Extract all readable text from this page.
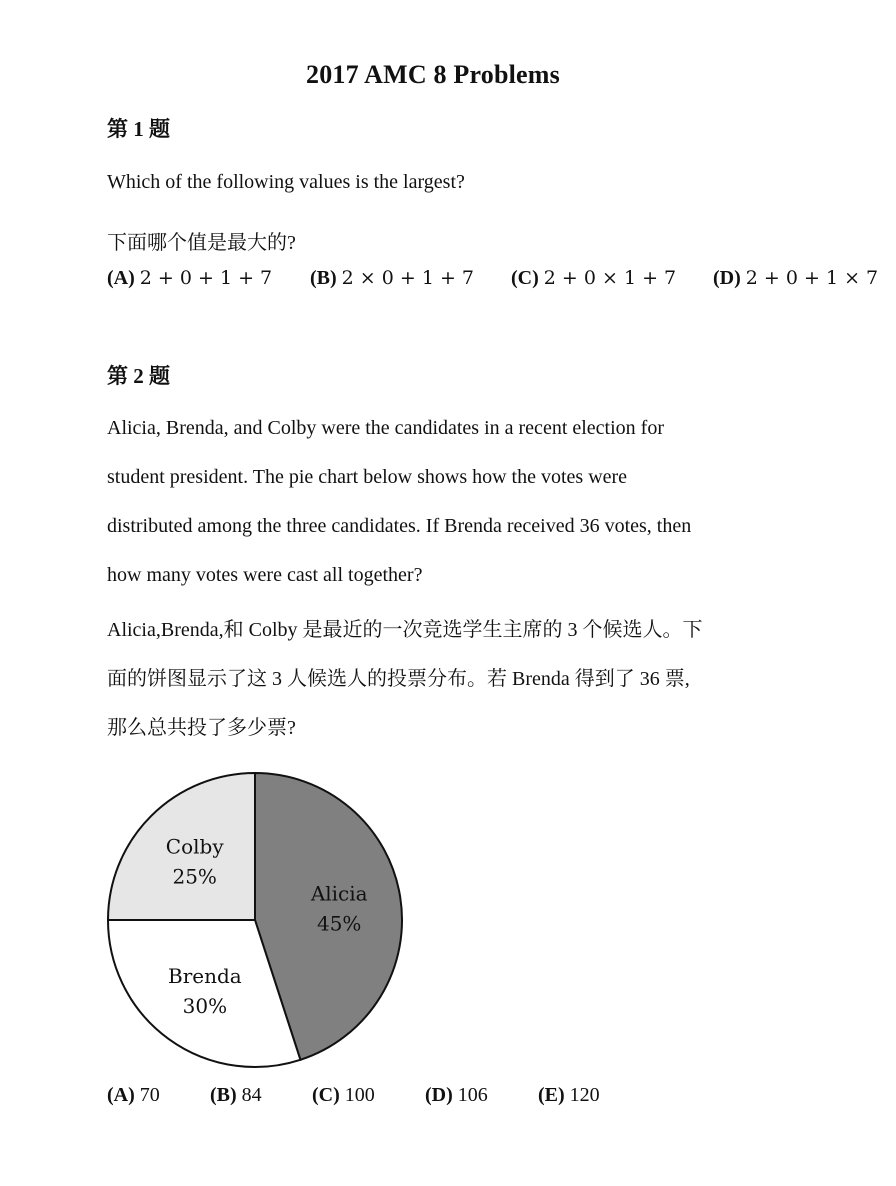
2017 AMC 8 Problems
第 1 题
Which of the following values is the largest?
下面哪个值是最大的?
(A) 2 + 0 + 1 + 7 (B) 2 × 0 + 1 + 7 (C) 2 + 0 × 1 + 7 (D) 2 + 0 + 1 × 7
第 2 题
Alicia, Brenda, and Colby were the candidates in a recent election for
student president. The pie chart below shows how the votes were
distributed among the three candidates. If Brenda received 36 votes, then
how many votes were cast all together?
Alicia,Brenda,和 Colby 是最近的一次竞选学生主席的 3 个候选人。下
面的饼图显示了这 3 人候选人的投票分布。若 Brenda 得到了 36 票,
那么总共投了多少票?
Alicia
45%
Brenda
30%
Colby
25%
(A) 70	(B) 84	(C) 100	(D) 106	(E) 120
